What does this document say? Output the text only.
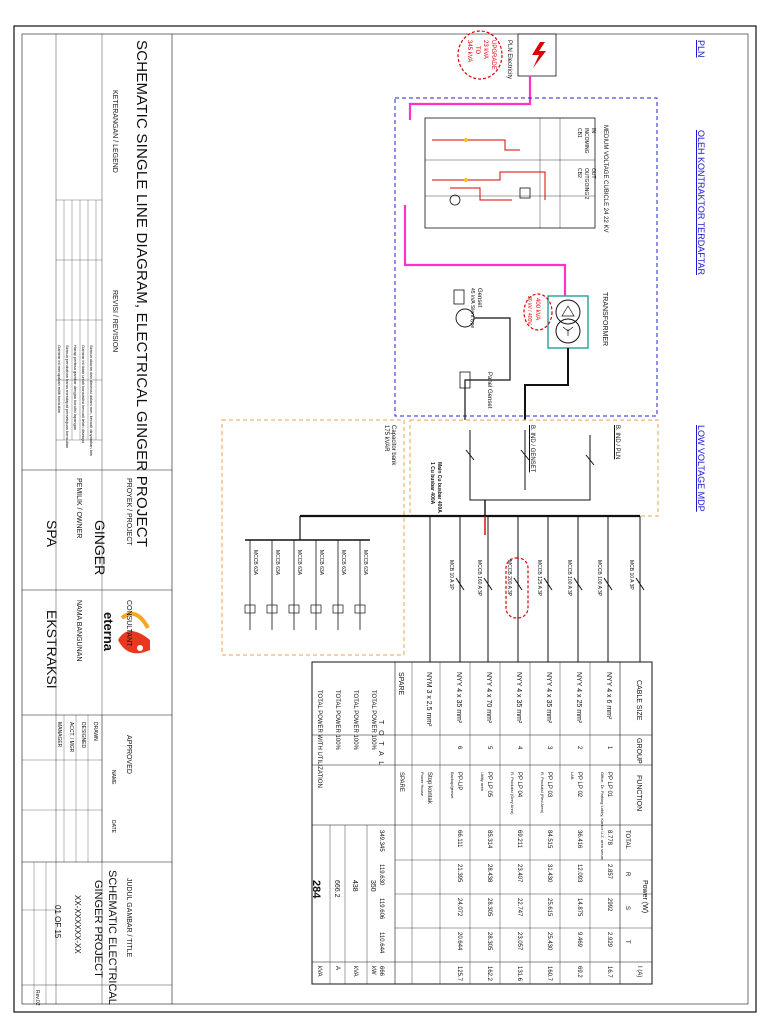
PLN
OLEH KONTRAKTOR TERDAFTAR
LOW VOLTAGE MDP
PLN Electricity
UPGRADE
23 kVA
TO
345 kVA
MEDIUM VOLTAGE CUBICLE 24 22 KV
IN
INCOMING
OUT
OUTGOING 2
CB1
CB2
TRANSFORMER
400 kVA
20 kV / 400V
Genset
45 kVA Silent type
Panel Genset
B. IND / PLN
B. IND / GENSET
Main Cu busbar 400A
1 Cu busbar 400A
Capacitor bank
175 kVAR
MCB 10 A 3P
MCCB 100 A 3P
MCCB 100 A 3P
MCCB 125 A 3P
MCCB 200 A 3P
MCCB 160 A 3P
MCB 10 A 1P
MCCB 63A
MCCB 63A
MCCB 63A
MCCB 63A
MCCB 63A
MCCB 63A
CABLE SIZE
GROUP
FUNCTION
Power (W)
TOTAL
R
S
T
I (A)
NYY 4 x 6 mm²
1
PP LP 01
Office, Dr. Parking Lobby, Kantor U.Z. area serum 8.778
2.857
2992
2.929
16.7
NYY 4 x 25 mm²
2
PP LP 02
LAB
36.416
12.093
14.875
9.469
69.2
NYY 4 x 35 mm²
3
PP LP 03
R. Produksi (Red Area)
84.515
31.430
25.615
25.430
160.7
NYY 4 x 35 mm²
4
PP LP 04
R. Produksi (Grey Area)
69.211
23.407
22.747
23.057
131.6
NYY 4 x 70 mm²
5
PP LP 05
Utility area
85.314
28.438
28.305
28.305
162.2
NYY 4 x 35 mm²
6
PP-UP
Backup/genset
66.111
21.395
24.072
20.644
125.7
NYM 3 x 2,5 mm²
Stop kontak
Power House
SPARE
SPARE
T O T A L
349.345
119.630
119.606
110.644
666
TOTAL POWER 100%
350
kW
TOTAL POWER 100%
438
kVA
TOTAL POWER 100%
666.2
A
TOTAL POWER WITH UTILIZATION
284
kVA
SCHEMATIC SINGLE LINE DIAGRAM, ELECTRICAL GINGER PROJECT
KETERANGAN / LEGEND
REVISI / REVISION
Semua ukuran dan dimensi dalam mm, kecuali dinyatakan lain
Gambar ini tidak untuk konstruksi kecuali telah disetujui
Harap periksa gambar dengan kondisi lapangan
Semua perubahan harus mendapat persetujuan konsultan
Gambar ini merupakan milik konsultan
PROYEK / PROJECT
GINGER
PEMILIK / OWNER
SPA
CONSULTANT
eterna
NAMA BANGUNAN
EKSTRAKSI
APPROVED
NAME
DATE
DRAWN
DESIGNED
ACCT. / MGR
MANAGER
JUDUL GAMBAR / TITLE
SCHEMATIC ELECTRICAL
GINGER PROJECT
XX-XXXXXX-XX
01 OF 15
Rev.02
